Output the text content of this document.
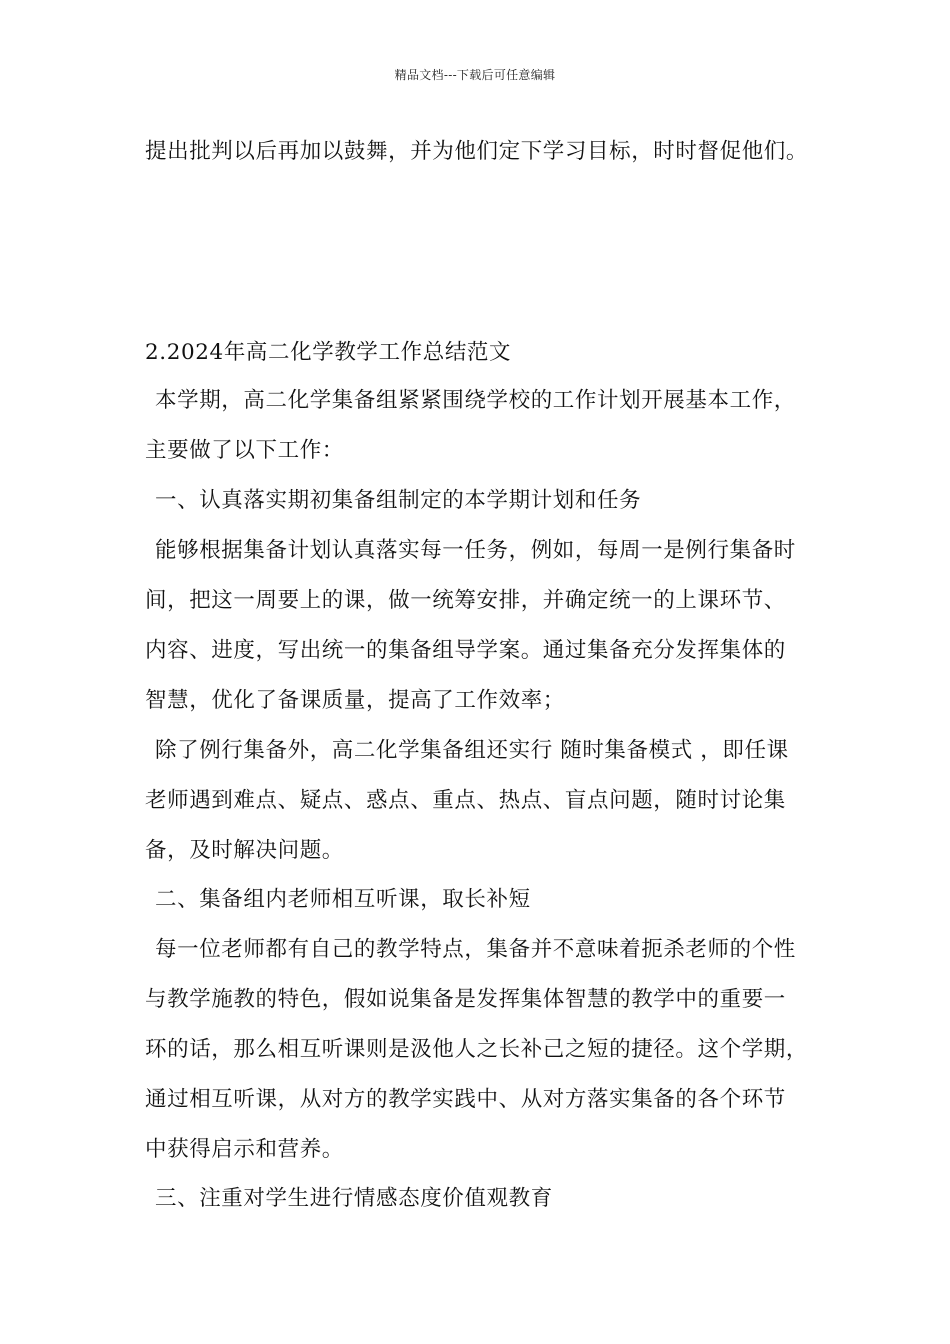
精品文档---下载后可任意编辑
提出批判以后再加以鼓舞，并为他们定下学习目标，时时督促他们。
2.2024年高二化学教学工作总结范文
本学期，高二化学集备组紧紧围绕学校的工作计划开展基本工作，
主要做了以下工作：
一、认真落实期初集备组制定的本学期计划和任务
能够根据集备计划认真落实每一任务，例如，每周一是例行集备时
间，把这一周要上的课，做一统筹安排，并确定统一的上课环节、
内容、进度，写出统一的集备组导学案。通过集备充分发挥集体的
智慧，优化了备课质量，提高了工作效率；
除了例行集备外，高二化学集备组还实行 随时集备模式 ，即任课
老师遇到难点、疑点、惑点、重点、热点、盲点问题，随时讨论集
备，及时解决问题。
二、集备组内老师相互听课，取长补短
每一位老师都有自己的教学特点，集备并不意味着扼杀老师的个性
与教学施教的特色，假如说集备是发挥集体智慧的教学中的重要一
环的话，那么相互听课则是汲他人之长补己之短的捷径。这个学期，
通过相互听课，从对方的教学实践中、从对方落实集备的各个环节
中获得启示和营养。
三、注重对学生进行情感态度价值观教育
